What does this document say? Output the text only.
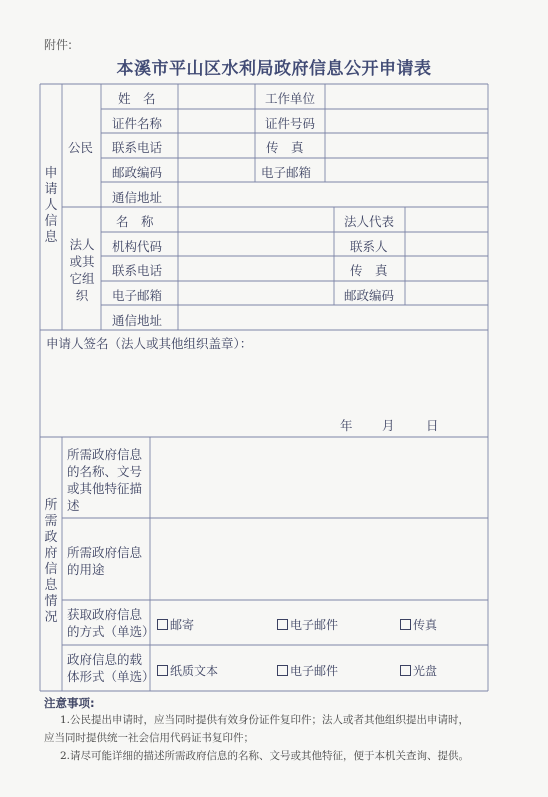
附件:
本溪市平山区水利局政府信息公开申请表
申
请
人
信
息
公民
姓　名	工作单位
证件名称	证件号码
联系电话	传　真
邮政编码	电子邮箱
通信地址
法人
或其
它组
织
名　称	法人代表
机构代码	联系人
联系电话	传　真
电子邮箱	邮政编码
通信地址
申请人签名（法人或其他组织盖章）：
年 月	日
所
需
政
府
信
息
情
况
所需政府信息的名称、文号或其他特征描述
所需政府信息的用途
获取政府信息的方式（单选）	邮寄	电子邮件	传真
政府信息的载体形式（单选）	纸质文本	电子邮件	光盘
注意事项:
1.公民提出申请时，应当同时提供有效身份证件复印件；法人或者其他组织提出申请时，
应当同时提供统一社会信用代码证书复印件；
2.请尽可能详细的描述所需政府信息的名称、文号或其他特征，便于本机关查询、提供。
